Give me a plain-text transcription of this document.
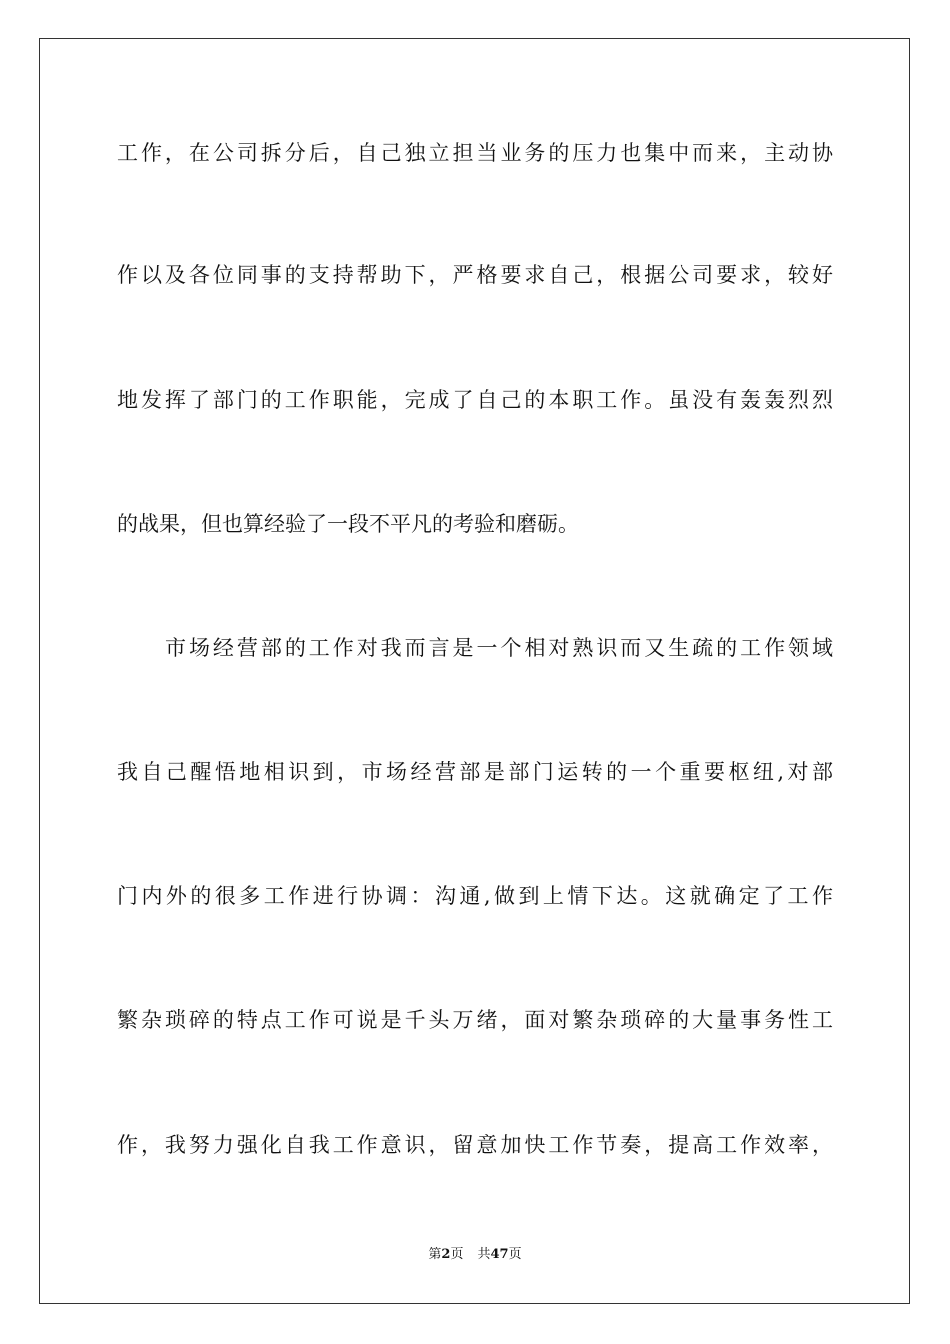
工作，在公司拆分后，自己独立担当业务的压力也集中而来，主动协
作以及各位同事的支持帮助下，严格要求自己，根据公司要求，较好
地发挥了部门的工作职能，完成了自己的本职工作。虽没有轰轰烈烈
的战果，但也算经验了一段不平凡的考验和磨砺。
市场经营部的工作对我而言是一个相对熟识而又生疏的工作领域
我自己醒悟地相识到，市场经营部是部门运转的一个重要枢纽,对部
门内外的很多工作进行协调：沟通,做到上情下达。这就确定了工作
繁杂琐碎的特点工作可说是千头万绪，面对繁杂琐碎的大量事务性工
作，我努力强化自我工作意识，留意加快工作节奏，提高工作效率，
第2页 共47页
